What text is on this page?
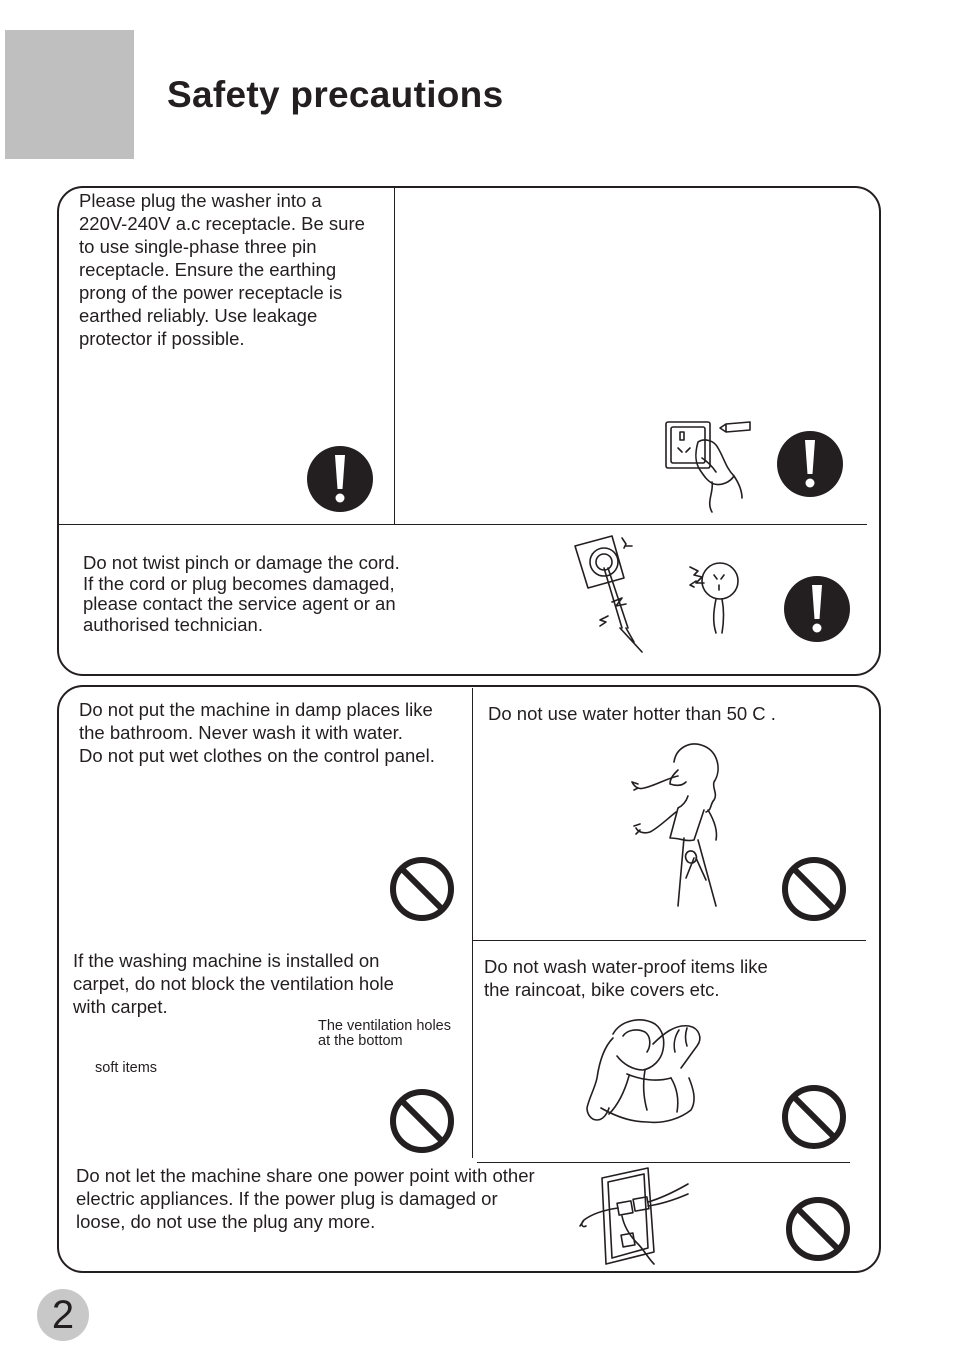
Safety precautions

Please plug the washer into a
220V-240V a.c receptacle. Be sure
to use single-phase three pin
receptacle. Ensure the earthing
prong of the power receptacle is
earthed reliably. Use leakage
protector if possible.

Do not twist pinch or damage the cord.
If the cord or plug becomes damaged,
please contact the service agent or an
authorised technician.

Do not put the machine in damp places like
the bathroom. Never wash it with water.
Do not put wet clothes on the control panel.

Do not use water hotter than 50 C .

If the washing machine is installed on
carpet, do not block the ventilation hole
with carpet.

The ventilation holes
at the bottom
soft items

Do not wash water-proof items like
the raincoat, bike covers etc.

Do not let the machine share one power point with other
electric appliances. If the power plug is damaged or
loose, do not use the plug any more.

2
